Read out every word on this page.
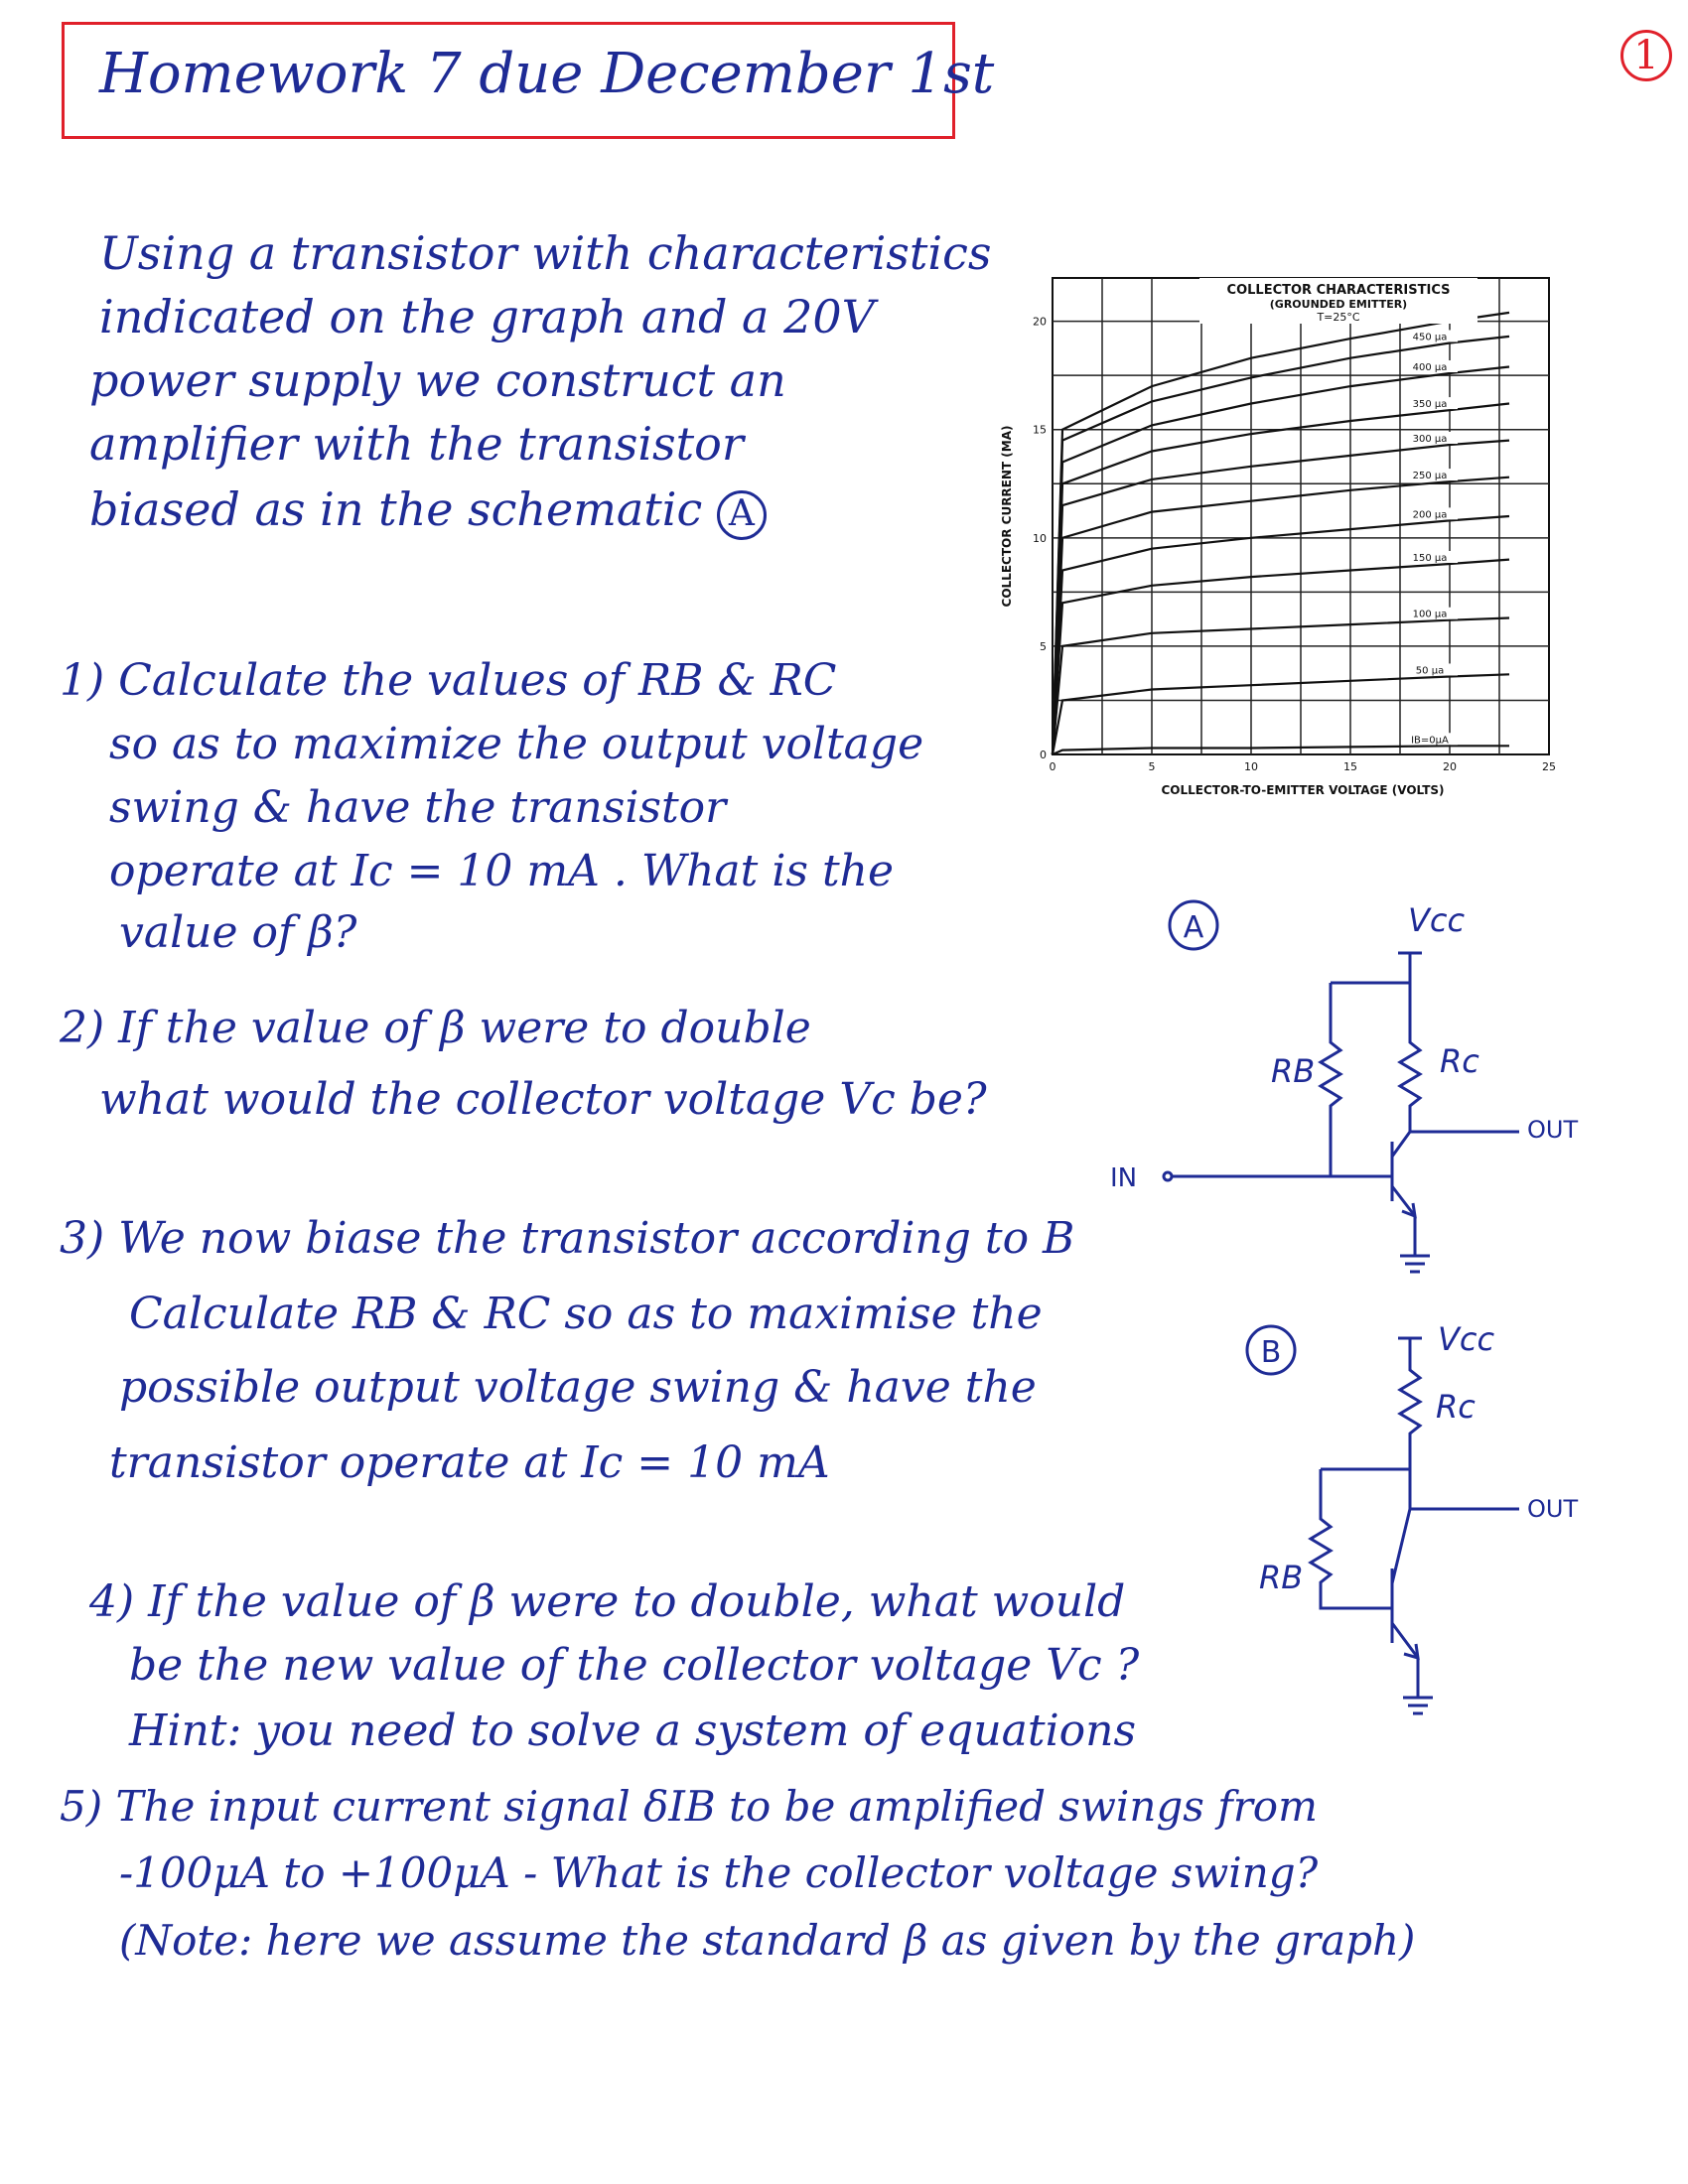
Homework 7 due December 1st	1
Using a transistor with characteristics
indicated on the graph and a 20V
power supply we construct an
amplifier with the transistor
biased as in the schematic A
1) Calculate the values of RB & RC
so as to maximize the output voltage
swing & have the transistor
operate at Ic = 10 mA . What is the
value of β?
2) If the value of β were to double
what would the collector voltage Vc be?
3) We now biase the transistor according to B
Calculate RB & RC so as to maximise the
possible output voltage swing & have the
transistor operate at Ic = 10 mA
4) If the value of β were to double, what would
be the new value of the collector voltage Vc ?
Hint: you need to solve a system of equations
5) The input current signal δIB to be amplified swings from
-100μA to +100μA - What is the collector voltage swing?
(Note: here we assume the standard β as given by the graph)
IB=0μA
50 μa
100 μa
150 μa
200 μa
250 μa
300 μa
350 μa
400 μa
450 μa
0	5	10	15	20	25
0
5
10
15
20
COLLECTOR CHARACTERISTICS
(GROUNDED EMITTER)
T=25°C
COLLECTOR-TO-EMITTER VOLTAGE (VOLTS)
COLLECTOR CURRENT (MA)
A	Vcc
RB	Rc
OUT
IN
B	Vcc
Rc
RB
OUT
